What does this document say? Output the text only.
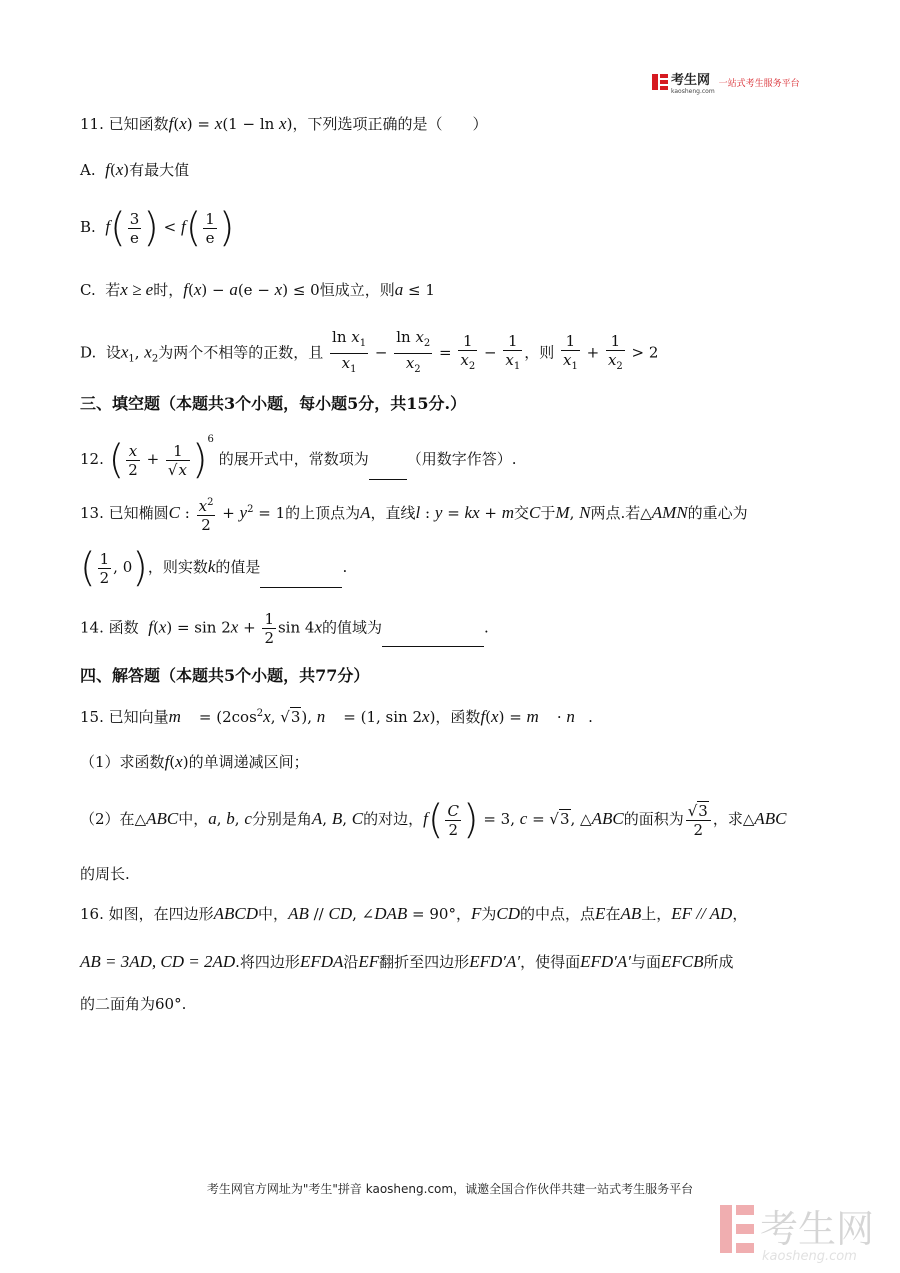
考生网
kaosheng.com
一站式考生服务平台
11. 已知函数f(x) = x(1 − ln x)，下列选项正确的是（　　）
A. f(x)有最大值
B. $f( \frac{3}{e}$ ) < $f( \frac{1}{e}$ )
C. 若x ≥ e时，f(x) − a(e − x) ≤ 0恒成立，则a ≤ 1
D. 设$x_1$, $x_2$为两个不相等的正数，且 $\frac{\ln x_1}{x_1} - \frac{\ln x_2}{x_2} = \frac{1}{x_2} - \frac{1}{x_1}$ ，则 $\frac{1}{x_1} + \frac{1}{x_2} > 2$
三、填空题（本题共3个小题，每小题5分，共15分.）
12. ( $\frac{x}{2} + \frac{1}{√x} )^6$ 的展开式中，常数项为	（用数字作答）.
13. 已知椭圆C : $\frac{x^2}{2} + y^2 = 1$的上顶点为A，直线l : y = kx + m交C于M, N两点.若△AMN的重心为
( $\frac{1}{2}$ , 0)，则实数k的值是	.
14. 函数 $f(x) = \sin 2x + \frac{1}{2}$ sin 4x的值域为	.
四、解答题（本题共5个小题，共77分）
15. 已知向量m⃗ = ($2\cos^2x$, √3), n⃗ = (1, sin 2x)，函数f(x) = m⃗ · n⃗.
（1）求函数f(x)的单调递减区间；
（2）在△ABC中，a, b, c分别是角A, B, C的对边，$f( \frac{C}{2}$ ) = 3, c = √3, △ABC的面积为 $\frac{√3}{2}$ ，求△ABC
的周长.
16. 如图，在四边形ABCD中，AB // CD, ∠DAB = 90°，F为CD的中点，点E在AB上，EF // AD，
AB = 3AD, CD = 2AD.将四边形EFDA沿EF翻折至四边形EFD′A′，使得面EFD′A′与面EFCB所成
的二面角为60°.
考生网官方网址为"考生"拼音 kaosheng.com，诚邀全国合作伙伴共建一站式考生服务平台
考生网
kaosheng.com
